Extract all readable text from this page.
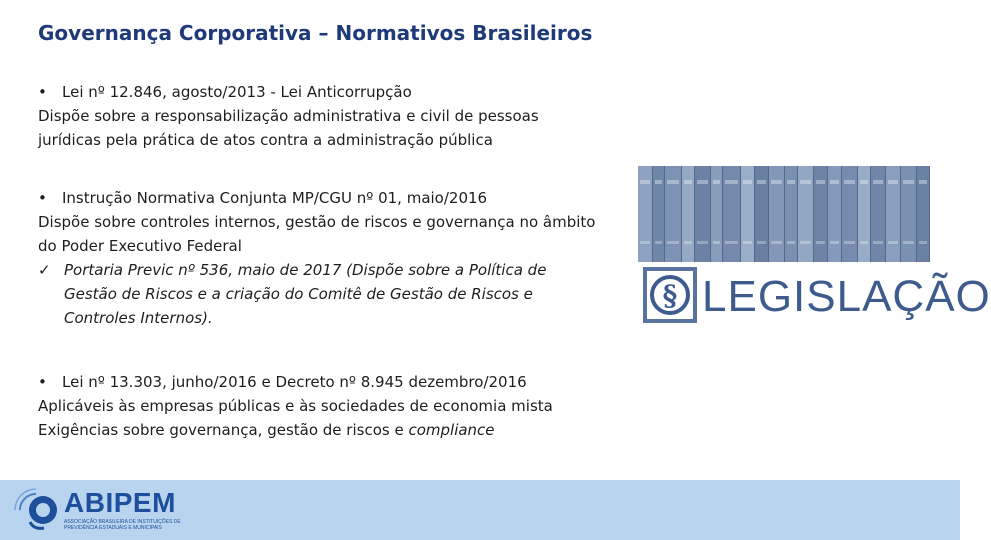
Governança Corporativa – Normativos Brasileiros

• Lei nº 12.846, agosto/2013 - Lei Anticorrupção

Dispõe sobre a responsabilização administrativa e civil de pessoas jurídicas pela prática de atos contra a administração pública

• Instrução Normativa Conjunta MP/CGU nº 01, maio/2016

Dispõe sobre controles internos, gestão de riscos e governança no âmbito do Poder Executivo Federal

✓ Portaria Previc nº 536, maio de 2017 (Dispõe sobre a Política de Gestão de Riscos e a criação do Comitê de Gestão de Riscos e Controles Internos).

• Lei nº 13.303, junho/2016 e Decreto nº 8.945 dezembro/2016

Aplicáveis às empresas públicas e às sociedades de economia mista

Exigências sobre governança, gestão de riscos e compliance

§ LEGISLAÇÃO
ABIPEM
ASSOCIAÇÃO BRASILEIRA DE INSTITUIÇÕES DE PREVIDÊNCIA ESTADUAIS E MUNICIPAIS
